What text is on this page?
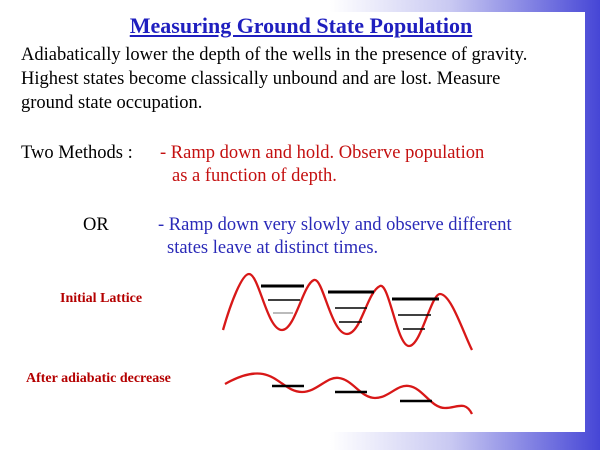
Measuring Ground State Population
Adiabatically lower the depth of the wells in the presence of gravity.
Highest states become classically unbound and are lost. Measure
ground state occupation.
Two Methods : - Ramp down and hold. Observe population
as a function of depth.
OR	- Ramp down very slowly and observe different
states leave at distinct times.
Initial Lattice
After adiabatic decrease
